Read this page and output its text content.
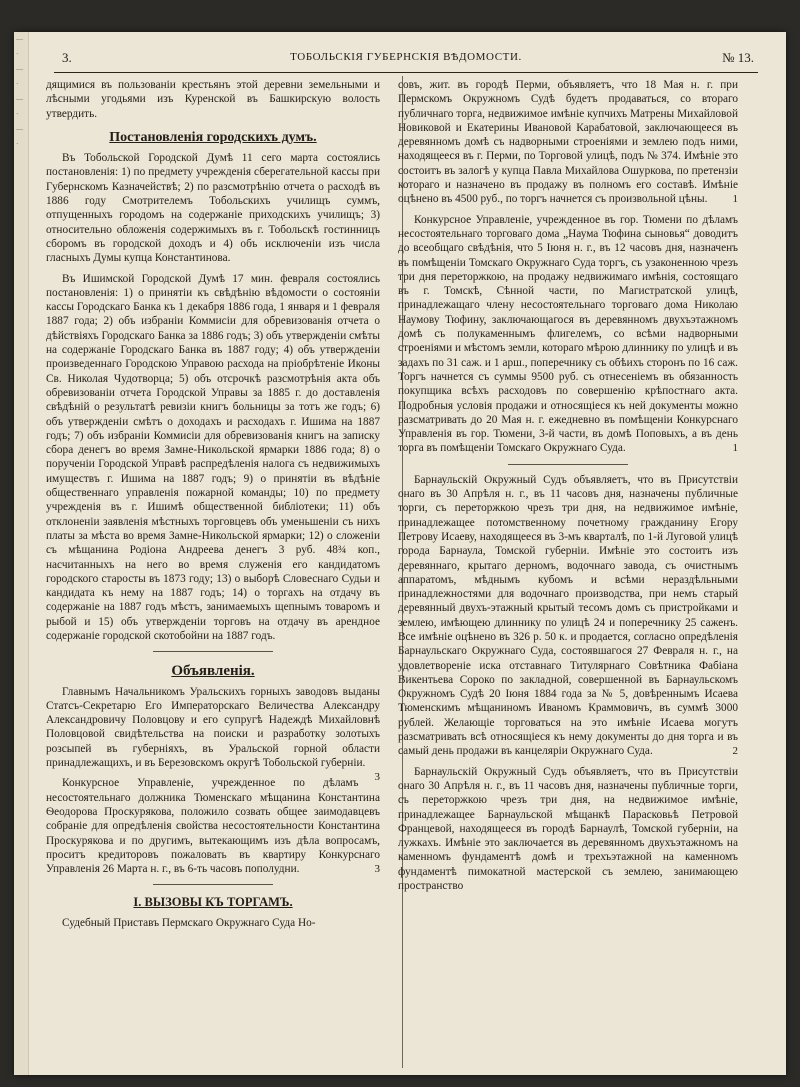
—
·
—
·
—
·
—
·
3.	ТОБОЛЬСКІЯ ГУБЕРНСКІЯ ВѢДОМОСТИ.	№ 13.

дящимися въ пользованіи крестьянъ этой деревни земельными и лѣсными угодьями изъ Куренской въ Башкирскую волость утвердить.

Постановленія городскихъ думъ.

Въ Тобольской Городской Думѣ 11 сего марта состоялись постановленія: 1) по предмету учрежденія сберегательной кассы при Губернскомъ Казначействѣ; 2) по разсмотрѣнію отчета о расходѣ въ 1886 году Смотрителемъ Тобольскихъ училищъ суммъ, отпущенныхъ городомъ на содержаніе приходскихъ училищъ; 3) относительно обложенія содержимыхъ въ г. Тобольскѣ гостинницъ сборомъ въ городской доходъ и 4) объ исключеніи изъ числа гласныхъ Думы купца Константинова.

Въ Ишимской Городской Думѣ 17 мин. февраля состоялись постановленія: 1) о принятіи къ свѣдѣнію вѣдомости о состояніи кассы Городскаго Банка къ 1 декабря 1886 года, 1 января и 1 февраля 1887 года; 2) объ избраніи Коммисіи для обревизованія отчета о дѣйствіяхъ Городскаго Банка за 1886 годъ; 3) объ утвержденіи смѣты на содержаніе Городскаго Банка въ 1887 году; 4) объ утвержденіи произведеннаго Городскою Управою расхода на пріобрѣтеніе Иконы Св. Николая Чудотворца; 5) объ отсрочкѣ разсмотрѣнія акта объ обревизованіи отчета Городской Управы за 1885 г. до доставленія свѣдѣній о результатѣ ревизіи книгъ больницы за тотъ же годъ; 6) объ утвержденіи смѣтъ о доходахъ и расходахъ г. Ишима на 1887 годъ; 7) объ избраніи Коммисіи для обревизованія книгъ на записку сбора денегъ во время Замне-Никольской ярмарки 1886 года; 8) о порученіи Городской Управѣ распредѣленія налога съ недвижимыхъ имуществъ г. Ишима на 1887 годъ; 9) о принятіи въ вѣдѣніе общественнаго управленія пожарной команды; 10) по предмету учрежденія въ г. Ишимѣ общественной библіотеки; 11) объ отклоненіи заявленія мѣстныхъ торговцевъ объ уменьшеніи съ нихъ платы за мѣста во время Замне-Никольской ярмарки; 12) о сложеніи съ мѣщанина Родіона Андреева денегъ 3 руб. 48¾ коп., насчитанныхъ на него во время служенія его кандидатомъ городского старосты въ 1873 году; 13) о выборѣ Словеснаго Судьи и кандидата къ нему на 1887 годъ; 14) о торгахъ на отдачу въ содержаніе на 1887 годъ мѣстъ, занимаемыхъ щепнымъ товаромъ и рыбой и 15) объ утвержденіи торговъ на отдачу въ арендное содержаніе городской скотобойни на 1887 годъ.

Объявленія.

Главнымъ Начальникомъ Уральскихъ горныхъ заводовъ выданы Статсъ-Секретарю Его Императорскаго Величества Александру Александровичу Половцову и его супругѣ Надеждѣ Михайловнѣ Половцовой свидѣтельства на поиски и разработку золотыхъ розсыпей въ губерніяхъ, въ Уральской горной области принадлежащихъ, и въ Березовскомъ округѣ Тобольской губерніи.
3

Конкурсное Управленіе, учрежденное по дѣламъ несостоятельнаго должника Тюменскаго мѣщанина Константина Ѳеодорова Проскурякова, положило созвать общее заимодавцевъ собраніе для опредѣленія свойства несостоятельности Константина Проскурякова и по другимъ, вытекающимъ изъ дѣла вопросамъ, проситъ кредиторовъ пожаловать въ квартиру Конкурснаго Управленія 26 Марта н. г., въ 6-ть часовъ пополудни.	3

I. ВЫЗОВЫ КЪ ТОРГАМЪ.

Судебный Приставъ Пермскаго Окружнаго Суда Но-

совъ, жит. въ городѣ Перми, объявляетъ, что 18 Мая н. г. при Пермскомъ Окружномъ Судѣ будетъ продаваться, со втораго публичнаго торга, недвижимое имѣніе купчихъ Матрены Михайловой Новиковой и Екатерины Ивановой Карабатовой, заключающееся въ деревянномъ домѣ съ надворными строеніями и землею подъ ними, находящееся въ г. Перми, по Торговой улицѣ, подъ № 374. Имѣніе это состоитъ въ залогѣ у купца Павла Михайлова Ошуркова, по претензіи котораго и назначено въ продажу въ полномъ его составѣ. Имѣніе оцѣнено въ 4500 руб., по торгъ начнется съ произвольной цѣны. 1

Конкурсное Управленіе, учрежденное въ гор. Тюмени по дѣламъ несостоятельнаго торговаго дома „Наума Тюфина сыновья“ доводитъ до всеобщаго свѣдѣнія, что 5 Іюня н. г., въ 12 часовъ дня, назначенъ въ помѣщеніи Томскаго Окружнаго Суда торгъ, съ узаконенною чрезъ три дня переторжкою, на продажу недвижимаго имѣнія, состоящаго въ г. Томскѣ, Сѣнной части, по Магистратской улицѣ, принадлежащаго члену несостоятельнаго торговаго дома Николаю Наумову Тюфину, заключающагося въ деревянномъ двухъэтажномъ домѣ съ полукаменнымъ флигелемъ, со всѣми надворными строеніями и мѣстомъ земли, котораго мѣрою длиннику по улицѣ и въ задахъ по 31 саж. и 1 арш., поперечнику съ обѣихъ сторонъ по 16 саж. Торгъ начнется съ суммы 9500 руб. съ отнесеніемъ въ обязанность покупщика всѣхъ расходовъ по совершенію крѣпостнаго акта. Подробныя условія продажи и относящіеся къ ней документы можно разсматривать до 20 Мая н. г. ежедневно въ помѣщеніи Конкурснаго Управленія въ гор. Тюмени, 3-й части, въ домѣ Поповыхъ, а въ день торга въ помѣщеніи Томскаго Окружнаго Суда.	1

Барнаульскій Окружный Судъ объявляетъ, что въ Присутствіи онаго въ 30 Апрѣля н. г., въ 11 часовъ дня, назначены публичные торги, съ переторжкою чрезъ три дня, на недвижимое имѣніе, принадлежащее потомственному почетному гражданину Егору Петрову Исаеву, находящееся въ 3-мъ кварталѣ, по 1-й Луговой улицѣ города Барнаула, Томской губерніи. Имѣніе это состоитъ изъ деревяннаго, крытаго дерномъ, водочнаго завода, съ очистнымъ аппаратомъ, мѣднымъ кубомъ и всѣми нераздѣльными принадлежностями для водочнаго производства, при немъ старый деревянный двухъ-этажный крытый тесомъ домъ съ пристройками и землею, имѣющею длиннику по улицѣ 24 и поперечнику 25 саженъ. Все имѣніе оцѣнено въ 326 р. 50 к. и продается, согласно опредѣленія Барнаульскаго Окружнаго Суда, состоявшагося 27 Февраля н. г., на удовлетвореніе иска отставнаго Титулярнаго Совѣтника Фабіана Викентьева Сороко по закладной, совершенной въ Барнаульскомъ Окружномъ Судѣ 20 Іюня 1884 года за № 5, довѣреннымъ Исаева Тюменскимъ мѣщаниномъ Иваномъ Краммовичъ, въ суммѣ 3000 рублей. Желающіе торговаться на это имѣніе Исаева могутъ разсматривать всѣ относящіеся къ нему документы до дня торга и въ самый день продажи въ канцеляріи Окружнаго Суда.	2

Барнаульскій Окружный Судъ объявляетъ, что въ Присутствіи онаго 30 Апрѣля н. г., въ 11 часовъ дня, назначены публичные торги, съ переторжкою чрезъ три дня, на недвижимое имѣніе, принадлежащее Барнаульской мѣщанкѣ Парасковьѣ Петровой Францевой, находящееся въ городѣ Барнаулѣ, Томской губерніи, на лужкахъ. Имѣніе это заключается въ деревянномъ двухъэтажномъ на каменномъ фундаментѣ домѣ и трехъэтажной на каменномъ фундаментѣ пимокатной мастерской съ землею, занимающею пространство
